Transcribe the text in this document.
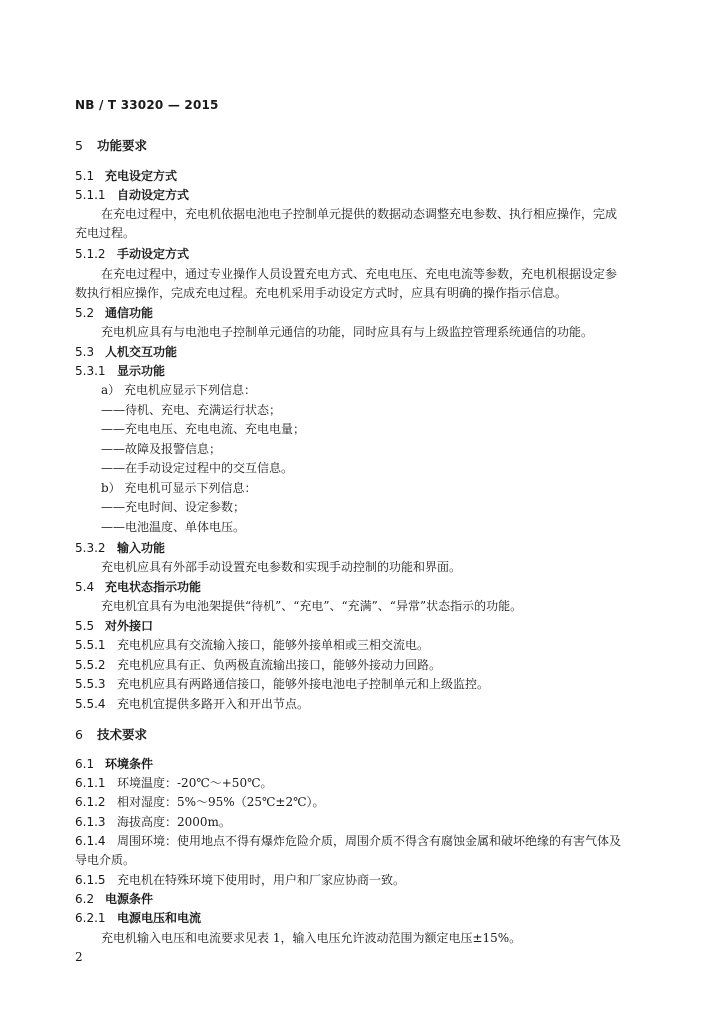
NB / T 33020 — 2015
5 功能要求
5.1 充电设定方式
5.1.1 自动设定方式
在充电过程中，充电机依据电池电子控制单元提供的数据动态调整充电参数、执行相应操作，完成
充电过程。
5.1.2 手动设定方式
在充电过程中，通过专业操作人员设置充电方式、充电电压、充电电流等参数，充电机根据设定参
数执行相应操作，完成充电过程。充电机采用手动设定方式时，应具有明确的操作指示信息。
5.2 通信功能
充电机应具有与电池电子控制单元通信的功能，同时应具有与上级监控管理系统通信的功能。
5.3 人机交互功能
5.3.1 显示功能
a） 充电机应显示下列信息：
——待机、充电、充满运行状态；
——充电电压、充电电流、充电电量；
——故障及报警信息；
——在手动设定过程中的交互信息。
b） 充电机可显示下列信息：
——充电时间、设定参数；
——电池温度、单体电压。
5.3.2 输入功能
充电机应具有外部手动设置充电参数和实现手动控制的功能和界面。
5.4 充电状态指示功能
充电机宜具有为电池架提供“待机”、“充电”、“充满”、“异常”状态指示的功能。
5.5 对外接口
5.5.1 充电机应具有交流输入接口，能够外接单相或三相交流电。
5.5.2 充电机应具有正、负两极直流输出接口，能够外接动力回路。
5.5.3 充电机应具有两路通信接口，能够外接电池电子控制单元和上级监控。
5.5.4 充电机宜提供多路开入和开出节点。
6 技术要求
6.1 环境条件
6.1.1 环境温度：-20℃～+50℃。
6.1.2 相对湿度：5%～95%（25℃±2℃）。
6.1.3 海拔高度：2000m。
6.1.4 周围环境：使用地点不得有爆炸危险介质，周围介质不得含有腐蚀金属和破坏绝缘的有害气体及
导电介质。
6.1.5 充电机在特殊环境下使用时，用户和厂家应协商一致。
6.2 电源条件
6.2.1 电源电压和电流
充电机输入电压和电流要求见表 1，输入电压允许波动范围为额定电压±15%。
2
